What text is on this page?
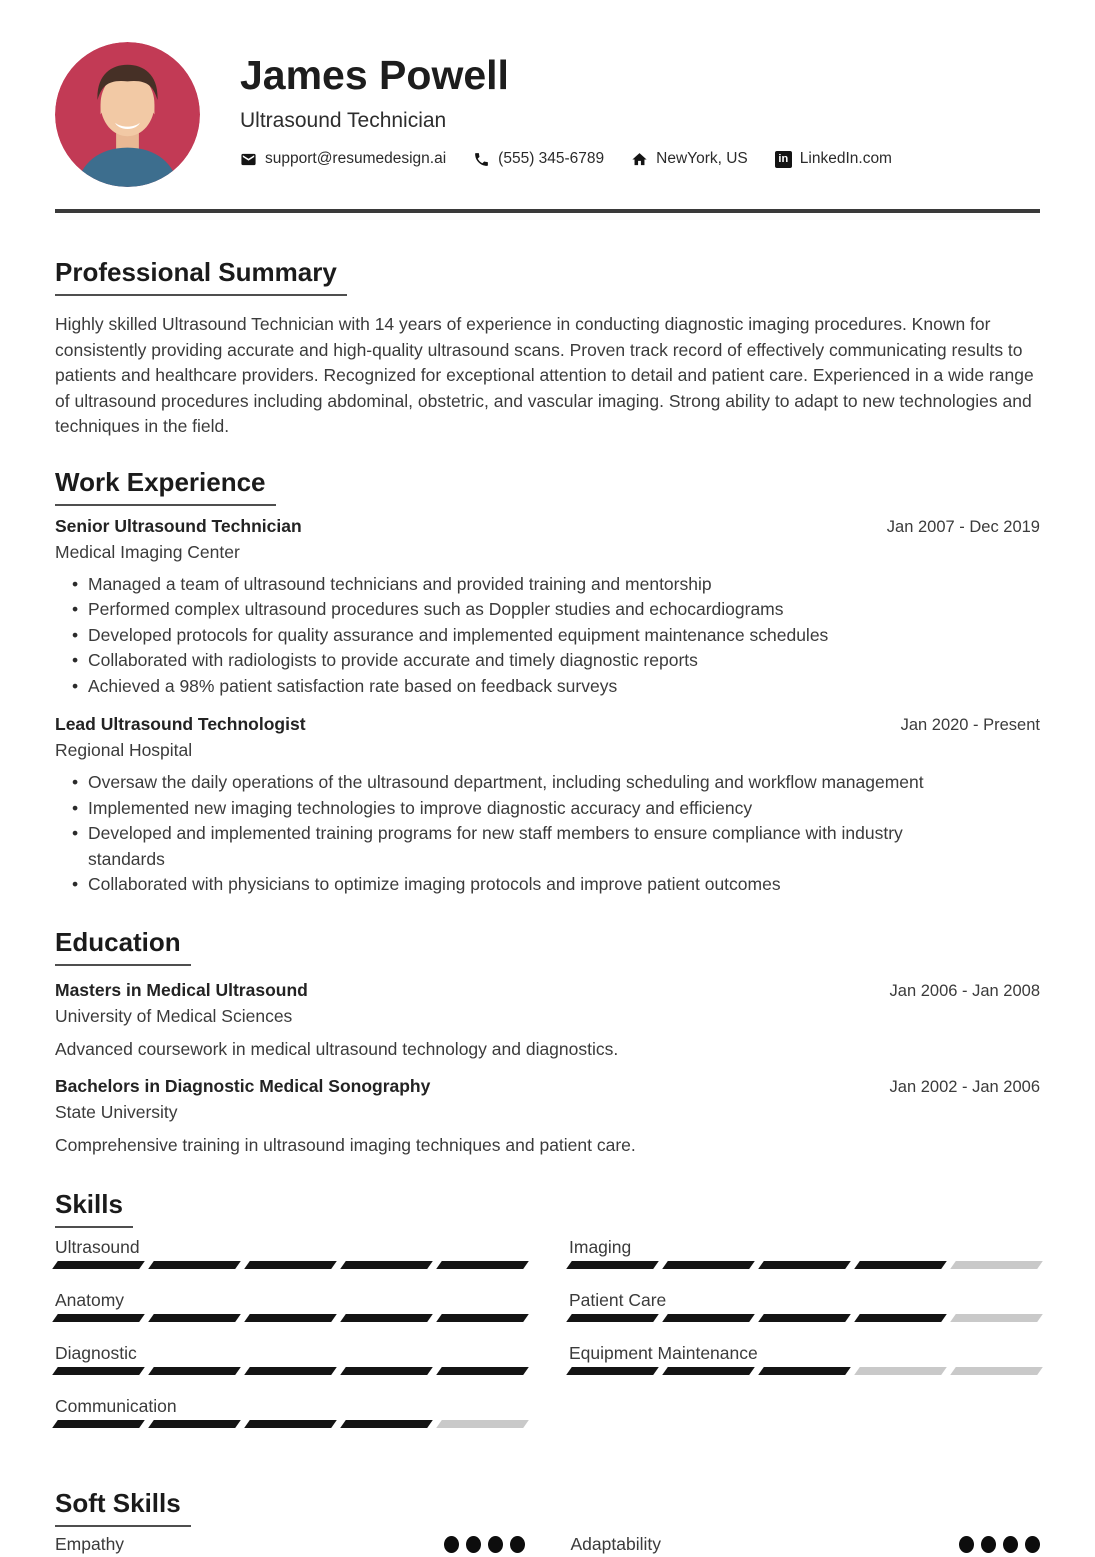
James Powell
Ultrasound Technician
support@resumedesign.ai	(555) 345-6789	NewYork, US	in LinkedIn.com
Professional Summary

Highly skilled Ultrasound Technician with 14 years of experience in conducting diagnostic imaging procedures. Known for consistently providing accurate and high-quality ultrasound scans. Proven track record of effectively communicating results to patients and healthcare providers. Recognized for exceptional attention to detail and patient care. Experienced in a wide range of ultrasound procedures including abdominal, obstetric, and vascular imaging. Strong ability to adapt to new technologies and techniques in the field.

Work Experience
Senior Ultrasound Technician	Jan 2007 - Dec 2019
Medical Imaging Center
• Managed a team of ultrasound technicians and provided training and mentorship
• Performed complex ultrasound procedures such as Doppler studies and echocardiograms
• Developed protocols for quality assurance and implemented equipment maintenance schedules
• Collaborated with radiologists to provide accurate and timely diagnostic reports
• Achieved a 98% patient satisfaction rate based on feedback surveys
Lead Ultrasound Technologist	Jan 2020 - Present
Regional Hospital
• Oversaw the daily operations of the ultrasound department, including scheduling and workflow management
• Implemented new imaging technologies to improve diagnostic accuracy and efficiency
• Developed and implemented training programs for new staff members to ensure compliance with industry standards
• Collaborated with physicians to optimize imaging protocols and improve patient outcomes
Education
Masters in Medical Ultrasound	Jan 2006 - Jan 2008
University of Medical Sciences

Advanced coursework in medical ultrasound technology and diagnostics.

Bachelors in Diagnostic Medical Sonography	Jan 2002 - Jan 2006
State University

Comprehensive training in ultrasound imaging techniques and patient care.

Skills
Ultrasound	Imaging
Anatomy	Patient Care
Diagnostic	Equipment Maintenance
Communication
Soft Skills
Empathy	Adaptability
